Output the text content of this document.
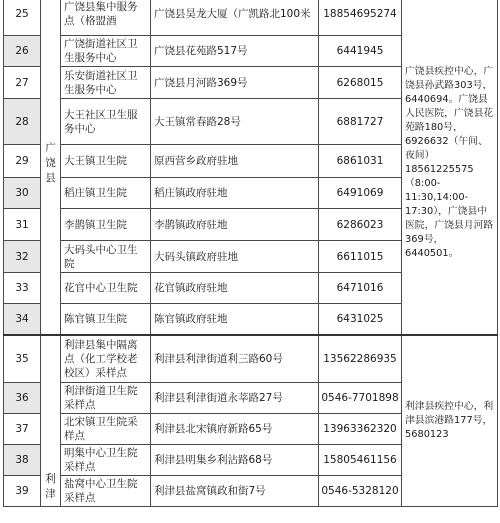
25	广饶县	广饶县集中服务点（格盟酒	广饶县昊龙大厦（广凯路北100米	18854695274	广饶县疾控中心，广饶县孙武路303号，6440694。广饶县人民医院，广饶县花苑路180号，6926632（午间、夜间）18561225575（8:00-11:30,14:00-17:30），广饶县中医院，广饶县月河路369号，6440501。
26		广饶街道社区卫生服务中心	广饶县花苑路517号	6441945	
27		乐安街道社区卫生服务中心	广饶县月河路369号	6268015	
28		大王社区卫生服务中心	大王镇常春路28号	6881727	
29		大王镇卫生院	原西营乡政府驻地	6861031	
30		稻庄镇卫生院	稻庄镇政府驻地	6491069	
31		李鹊镇卫生院	李鹊镇政府驻地	6286023	
32		大码头中心卫生院	大码头镇政府驻地	6611015	
33		花官中心卫生院	花官镇政府驻地	6471016	
34		陈官镇卫生院	陈官镇政府驻地	6431025	
35	利津	利津县集中隔离点（化工学校老校区）采样点	利津县利津街道利三路60号	13562286935	利津县疾控中心，利津县滨港路177号，5680123
36		利津街道卫生院采样点	利津县利津街道永莘路27号	0546-7701898	
37		北宋镇卫生院采样点	利津县北宋镇府新路65号	13963362320	
38		明集中心卫生院采样点	利津县明集乡利沾路68号	15805461156	
39		盐窝中心卫生院采样点	利津县盐窝镇政和街7号	0546-5328120	
